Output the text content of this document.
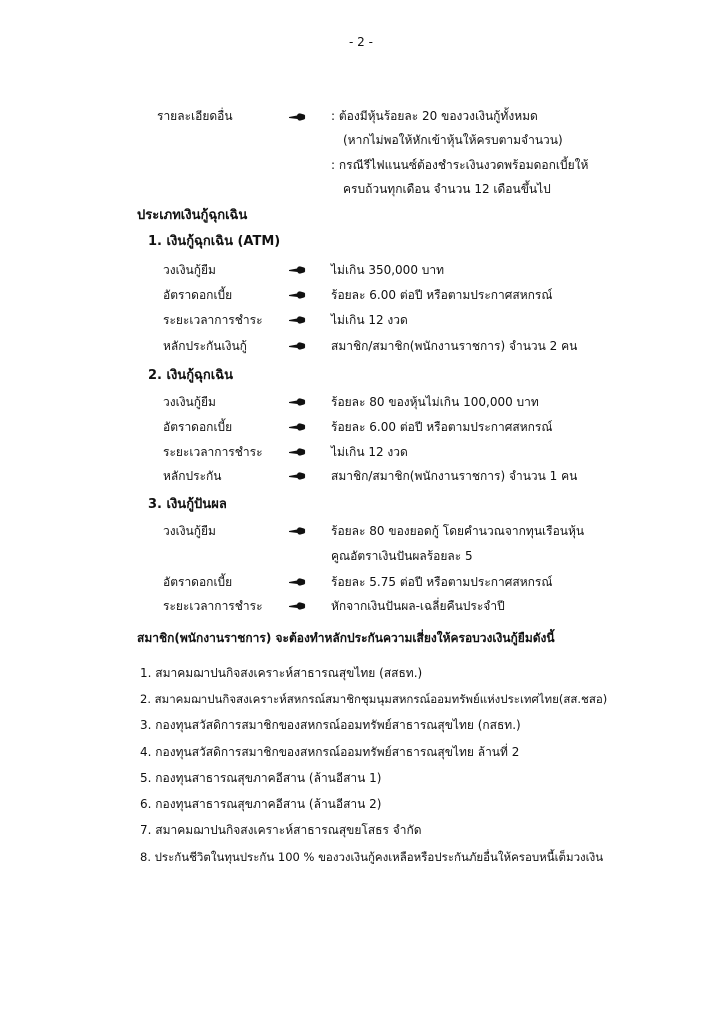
- 2 -
รายละเอียดอื่น	: ต้องมีหุ้นร้อยละ 20 ของวงเงินกู้ทั้งหมด
(หากไม่พอให้หักเข้าหุ้นให้ครบตามจำนวน)
: กรณีรีไฟแนนซ์ต้องชำระเงินงวดพร้อมดอกเบี้ยให้
ครบถ้วนทุกเดือน จำนวน 12 เดือนขึ้นไป
ประเภทเงินกู้ฉุกเฉิน
1. เงินกู้ฉุกเฉิน (ATM)
วงเงินกู้ยืม	ไม่เกิน 350,000 บาท
อัตราดอกเบี้ย	ร้อยละ 6.00 ต่อปี หรือตามประกาศสหกรณ์
ระยะเวลาการชำระ	ไม่เกิน 12 งวด
หลักประกันเงินกู้	สมาชิก/สมาชิก(พนักงานราชการ) จำนวน 2 คน
2. เงินกู้ฉุกเฉิน
วงเงินกู้ยืม	ร้อยละ 80 ของหุ้นไม่เกิน 100,000 บาท
อัตราดอกเบี้ย	ร้อยละ 6.00 ต่อปี หรือตามประกาศสหกรณ์
ระยะเวลาการชำระ	ไม่เกิน 12 งวด
หลักประกัน	สมาชิก/สมาชิก(พนักงานราชการ) จำนวน 1 คน
3. เงินกู้ปันผล
วงเงินกู้ยืม	ร้อยละ 80 ของยอดกู้ โดยคำนวณจากทุนเรือนหุ้น
คูณอัตราเงินปันผลร้อยละ 5
อัตราดอกเบี้ย	ร้อยละ 5.75 ต่อปี หรือตามประกาศสหกรณ์
ระยะเวลาการชำระ	หักจากเงินปันผล-เฉลี่ยคืนประจำปี
สมาชิก(พนักงานราชการ) จะต้องทำหลักประกันความเสี่ยงให้ครอบวงเงินกู้ยืมดังนี้
1. สมาคมฌาปนกิจสงเคราะห์สาธารณสุขไทย (สสธท.)
2. สมาคมฌาปนกิจสงเคราะห์สหกรณ์สมาชิกชุมนุมสหกรณ์ออมทรัพย์แห่งประเทศไทย(สส.ชสอ)
3. กองทุนสวัสดิการสมาชิกของสหกรณ์ออมทรัพย์สาธารณสุขไทย (กสธท.)
4. กองทุนสวัสดิการสมาชิกของสหกรณ์ออมทรัพย์สาธารณสุขไทย ล้านที่ 2
5. กองทุนสาธารณสุขภาคอีสาน (ล้านอีสาน 1)
6. กองทุนสาธารณสุขภาคอีสาน (ล้านอีสาน 2)
7. สมาคมฌาปนกิจสงเคราะห์สาธารณสุขยโสธร จำกัด
8. ประกันชีวิตในทุนประกัน 100 % ของวงเงินกู้คงเหลือหรือประกันภัยอื่นให้ครอบหนี้เต็มวงเงิน
